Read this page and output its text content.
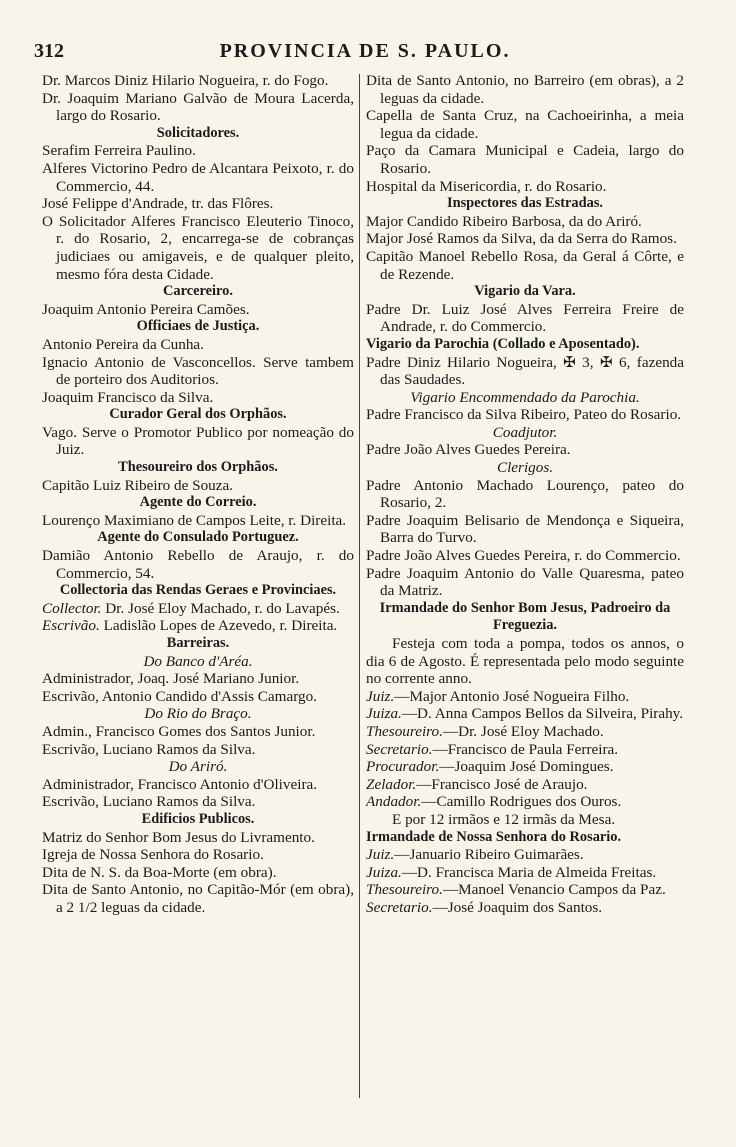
312	PROVINCIA DE S. PAULO.
Dr. Marcos Diniz Hilario Nogueira, r. do Fogo.
Dr. Joaquim Mariano Galvão de Moura Lacerda, largo do Rosario.
Solicitadores.
Serafim Ferreira Paulino.
Alferes Victorino Pedro de Alcantara Peixoto, r. do Commercio, 44.
José Felippe d'Andrade, tr. das Flôres.
O Solicitador Alferes Francisco Eleuterio Tinoco, r. do Rosario, 2, encarrega-se de cobranças judiciaes ou amigaveis, e de qualquer pleito, mesmo fóra desta Cidade.
Carcereiro.
Joaquim Antonio Pereira Camões.
Officiaes de Justiça.
Antonio Pereira da Cunha.
Ignacio Antonio de Vasconcellos. Serve tambem de porteiro dos Auditorios.
Joaquim Francisco da Silva.
Curador Geral dos Orphãos.
Vago. Serve o Promotor Publico por nomeação do Juiz.
Thesoureiro dos Orphãos.
Capitão Luiz Ribeiro de Souza.
Agente do Correio.
Lourenço Maximiano de Campos Leite, r. Direita.
Agente do Consulado Portuguez.
Damião Antonio Rebello de Araujo, r. do Commercio, 54.
Collectoria das Rendas Geraes e Provinciaes.
Collector. Dr. José Eloy Machado, r. do Lavapés.
Escrivão. Ladislão Lopes de Azevedo, r. Direita.
Barreiras.
Do Banco d'Aréa.
Administrador, Joaq. José Mariano Junior.
Escrivão, Antonio Candido d'Assis Camargo.
Do Rio do Braço.
Admin., Francisco Gomes dos Santos Junior.
Escrivão, Luciano Ramos da Silva.
Do Ariró.
Administrador, Francisco Antonio d'Oliveira.
Escrivão, Luciano Ramos da Silva.
Edificios Publicos.
Matriz do Senhor Bom Jesus do Livramento.
Igreja de Nossa Senhora do Rosario.
Dita de N. S. da Boa-Morte (em obra).
Dita de Santo Antonio, no Capitão-Mór (em obra), a 2 1/2 leguas da cidade.
Dita de Santo Antonio, no Barreiro (em obras), a 2 leguas da cidade.
Capella de Santa Cruz, na Cachoeirinha, a meia legua da cidade.
Paço da Camara Municipal e Cadeia, largo do Rosario.
Hospital da Misericordia, r. do Rosario.
Inspectores das Estradas.
Major Candido Ribeiro Barbosa, da do Ariró.
Major José Ramos da Silva, da da Serra do Ramos.
Capitão Manoel Rebello Rosa, da Geral á Côrte, e de Rezende.
Vigario da Vara.
Padre Dr. Luiz José Alves Ferreira Freire de Andrade, r. do Commercio.
Vigario da Parochia (Collado e Aposentado).
Padre Diniz Hilario Nogueira, ✠ 3, ✠ 6, fazenda das Saudades.
Vigario Encommendado da Parochia.
Padre Francisco da Silva Ribeiro, Pateo do Rosario.
Coadjutor.
Padre João Alves Guedes Pereira.
Clerigos.
Padre Antonio Machado Lourenço, pateo do Rosario, 2.
Padre Joaquim Belisario de Mendonça e Siqueira, Barra do Turvo.
Padre João Alves Guedes Pereira, r. do Commercio.
Padre Joaquim Antonio do Valle Quaresma, pateo da Matriz.
Irmandade do Senhor Bom Jesus, Padroeiro da Freguezia.
Festeja com toda a pompa, todos os annos, o dia 6 de Agosto. É representada pelo modo seguinte no corrente anno.
Juiz.—Major Antonio José Nogueira Filho.
Juiza.—D. Anna Campos Bellos da Silveira, Pirahy.
Thesoureiro.—Dr. José Eloy Machado.
Secretario.—Francisco de Paula Ferreira.
Procurador.—Joaquim José Domingues.
Zelador.—Francisco José de Araujo.
Andador.—Camillo Rodrigues dos Ouros.
E por 12 irmãos e 12 irmãs da Mesa.
Irmandade de Nossa Senhora do Rosario.
Juiz.—Januario Ribeiro Guimarães.
Juiza.—D. Francisca Maria de Almeida Freitas.
Thesoureiro.—Manoel Venancio Campos da Paz.
Secretario.—José Joaquim dos Santos.
